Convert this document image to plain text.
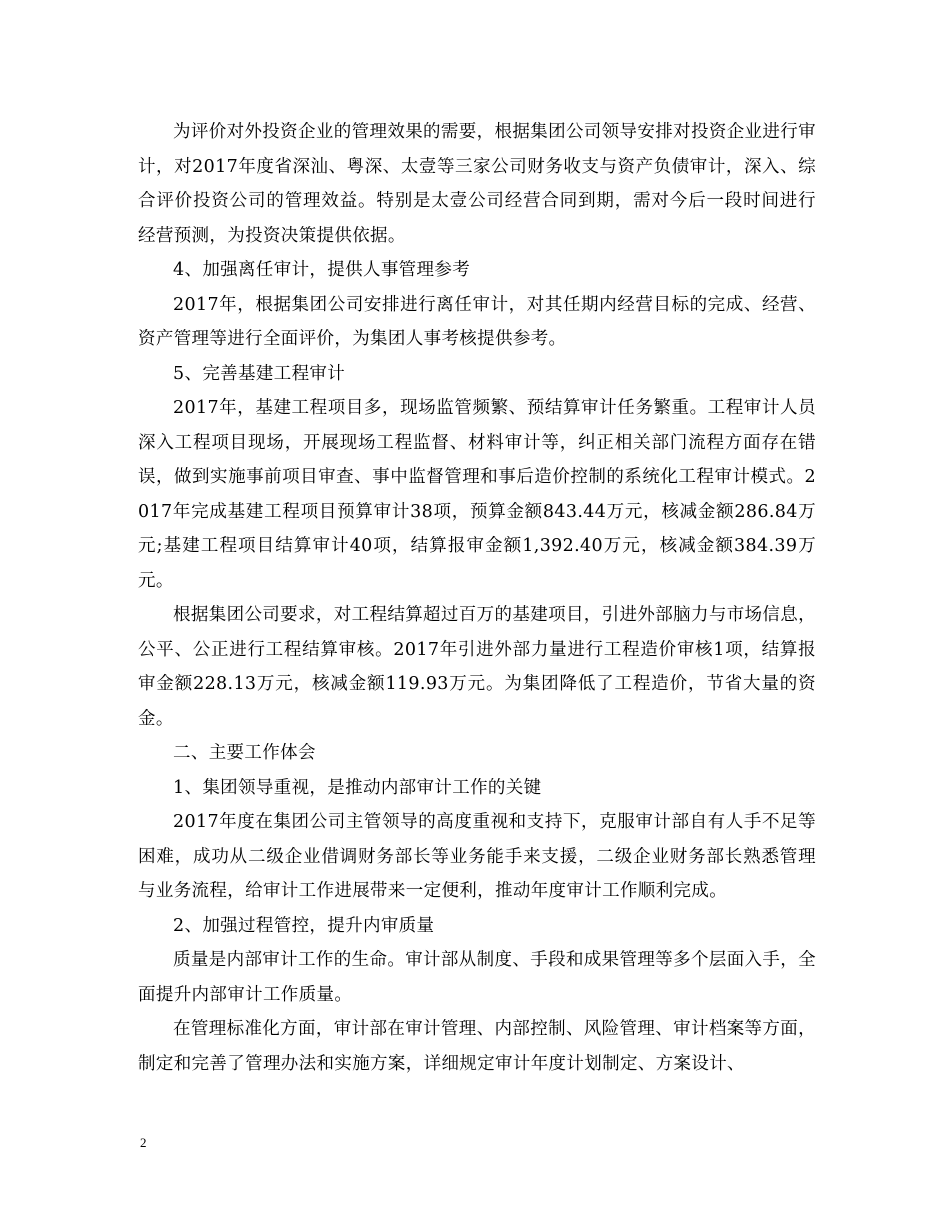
为评价对外投资企业的管理效果的需要，根据集团公司领导安排对投资企业进行审计，对2017年度省深汕、粤深、太壹等三家公司财务收支与资产负债审计，深入、综合评价投资公司的管理效益。特别是太壹公司经营合同到期，需对今后一段时间进行经营预测，为投资决策提供依据。

4、加强离任审计，提供人事管理参考

2017年，根据集团公司安排进行离任审计，对其任期内经营目标的完成、经营、资产管理等进行全面评价，为集团人事考核提供参考。

5、完善基建工程审计

2017年，基建工程项目多，现场监管频繁、预结算审计任务繁重。工程审计人员深入工程项目现场，开展现场工程监督、材料审计等，纠正相关部门流程方面存在错误，做到实施事前项目审查、事中监督管理和事后造价控制的系统化工程审计模式。2017年完成基建工程项目预算审计38项，预算金额843.44万元，核减金额286.84万元;基建工程项目结算审计40项，结算报审金额1,392.40万元，核减金额384.39万元。

根据集团公司要求，对工程结算超过百万的基建项目，引进外部脑力与市场信息，公平、公正进行工程结算审核。2017年引进外部力量进行工程造价审核1项，结算报审金额228.13万元，核减金额119.93万元。为集团降低了工程造价，节省大量的资金。

二、主要工作体会

1、集团领导重视，是推动内部审计工作的关键

2017年度在集团公司主管领导的高度重视和支持下，克服审计部自有人手不足等困难，成功从二级企业借调财务部长等业务能手来支援，二级企业财务部长熟悉管理与业务流程，给审计工作进展带来一定便利，推动年度审计工作顺利完成。

2、加强过程管控，提升内审质量

质量是内部审计工作的生命。审计部从制度、手段和成果管理等多个层面入手，全面提升内部审计工作质量。

在管理标准化方面，审计部在审计管理、内部控制、风险管理、审计档案等方面，制定和完善了管理办法和实施方案，详细规定审计年度计划制定、方案设计、

2
